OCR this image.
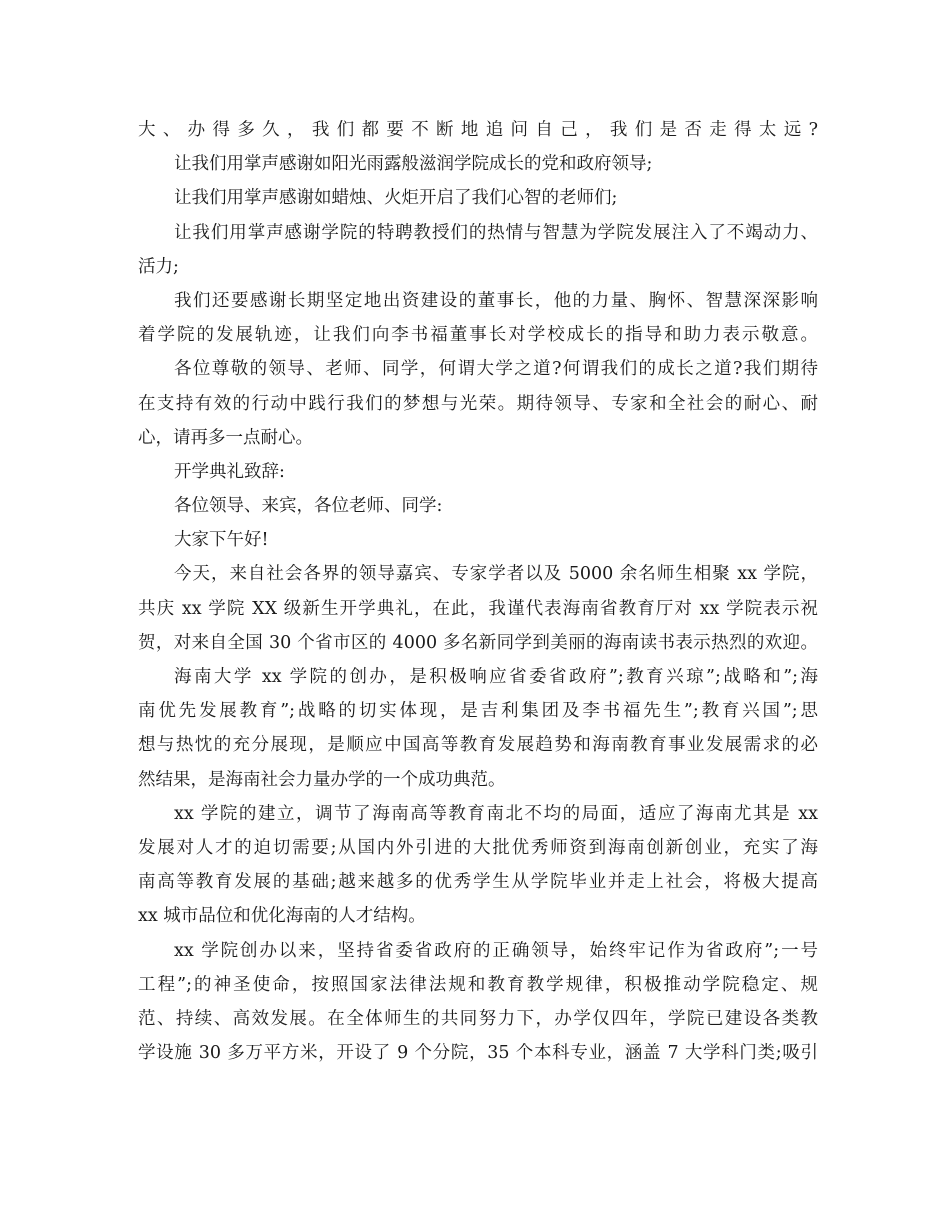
大、办得多久，我们都要不断地追问自己，我们是否走得太远?
让我们用掌声感谢如阳光雨露般滋润学院成长的党和政府领导;
让我们用掌声感谢如蜡烛、火炬开启了我们心智的老师们;
让我们用掌声感谢学院的特聘教授们的热情与智慧为学院发展注入了不竭动力、
活力;
我们还要感谢长期坚定地出资建设的董事长，他的力量、胸怀、智慧深深影响
着学院的发展轨迹，让我们向李书福董事长对学校成长的指导和助力表示敬意。
各位尊敬的领导、老师、同学，何谓大学之道?何谓我们的成长之道?我们期待
在支持有效的行动中践行我们的梦想与光荣。期待领导、专家和全社会的耐心、耐
心，请再多一点耐心。
开学典礼致辞:
各位领导、来宾，各位老师、同学:
大家下午好!
今天，来自社会各界的领导嘉宾、专家学者以及 5000 余名师生相聚 xx 学院，
共庆 xx 学院 XX 级新生开学典礼，在此，我谨代表海南省教育厅对 xx 学院表示祝
贺，对来自全国 30 个省市区的 4000 多名新同学到美丽的海南读书表示热烈的欢迎。
海南大学 xx 学院的创办，是积极响应省委省政府”;教育兴琼”;战略和”;海
南优先发展教育”;战略的切实体现，是吉利集团及李书福先生”;教育兴国”;思
想与热忱的充分展现，是顺应中国高等教育发展趋势和海南教育事业发展需求的必
然结果，是海南社会力量办学的一个成功典范。
xx 学院的建立，调节了海南高等教育南北不均的局面，适应了海南尤其是 xx
发展对人才的迫切需要;从国内外引进的大批优秀师资到海南创新创业，充实了海
南高等教育发展的基础;越来越多的优秀学生从学院毕业并走上社会，将极大提高
xx 城市品位和优化海南的人才结构。
xx 学院创办以来，坚持省委省政府的正确领导，始终牢记作为省政府”;一号
工程”;的神圣使命，按照国家法律法规和教育教学规律，积极推动学院稳定、规
范、持续、高效发展。在全体师生的共同努力下，办学仅四年，学院已建设各类教
学设施 30 多万平方米，开设了 9 个分院，35 个本科专业，涵盖 7 大学科门类;吸引
